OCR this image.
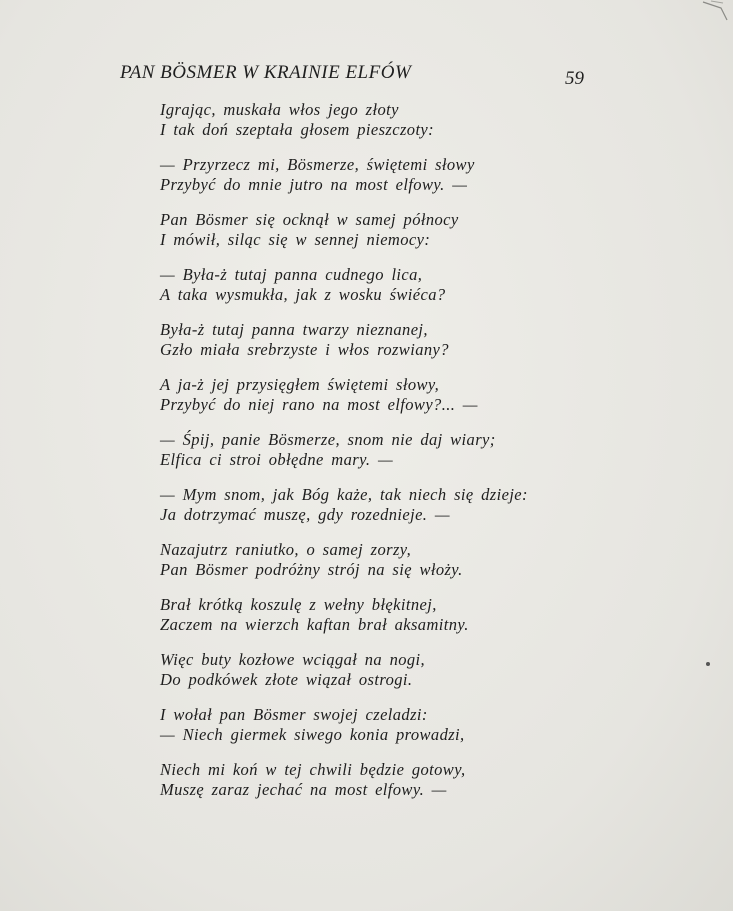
PAN BÖSMER W KRAINIE ELFÓW	59
Igrając, muskała włos jego złoty
I tak doń szeptała głosem pieszczoty:
— Przyrzecz mi, Bösmerze, świętemi słowy
Przybyć do mnie jutro na most elfowy. —
Pan Bösmer się ocknął w samej północy
I mówił, siląc się w sennej niemocy:
— Była-ż tutaj panna cudnego lica,
A taka wysmukła, jak z wosku świéca?
Była-ż tutaj panna twarzy nieznanej,
Gzło miała srebrzyste i włos rozwiany?
A ja-ż jej przysięgłem świętemi słowy,
Przybyć do niej rano na most elfowy?... —
— Śpij, panie Bösmerze, snom nie daj wiary;
Elfica ci stroi obłędne mary. —
— Mym snom, jak Bóg każe, tak niech się dzieje:
Ja dotrzymać muszę, gdy rozednieje. —
Nazajutrz raniutko, o samej zorzy,
Pan Bösmer podróżny strój na się włoży.
Brał krótką koszulę z wełny błękitnej,
Zaczem na wierzch kaftan brał aksamitny.
Więc buty kozłowe wciągał na nogi,
Do podkówek złote wiązał ostrogi.
I wołał pan Bösmer swojej czeladzi:
— Niech giermek siwego konia prowadzi,
Niech mi koń w tej chwili będzie gotowy,
Muszę zaraz jechać na most elfowy. —
